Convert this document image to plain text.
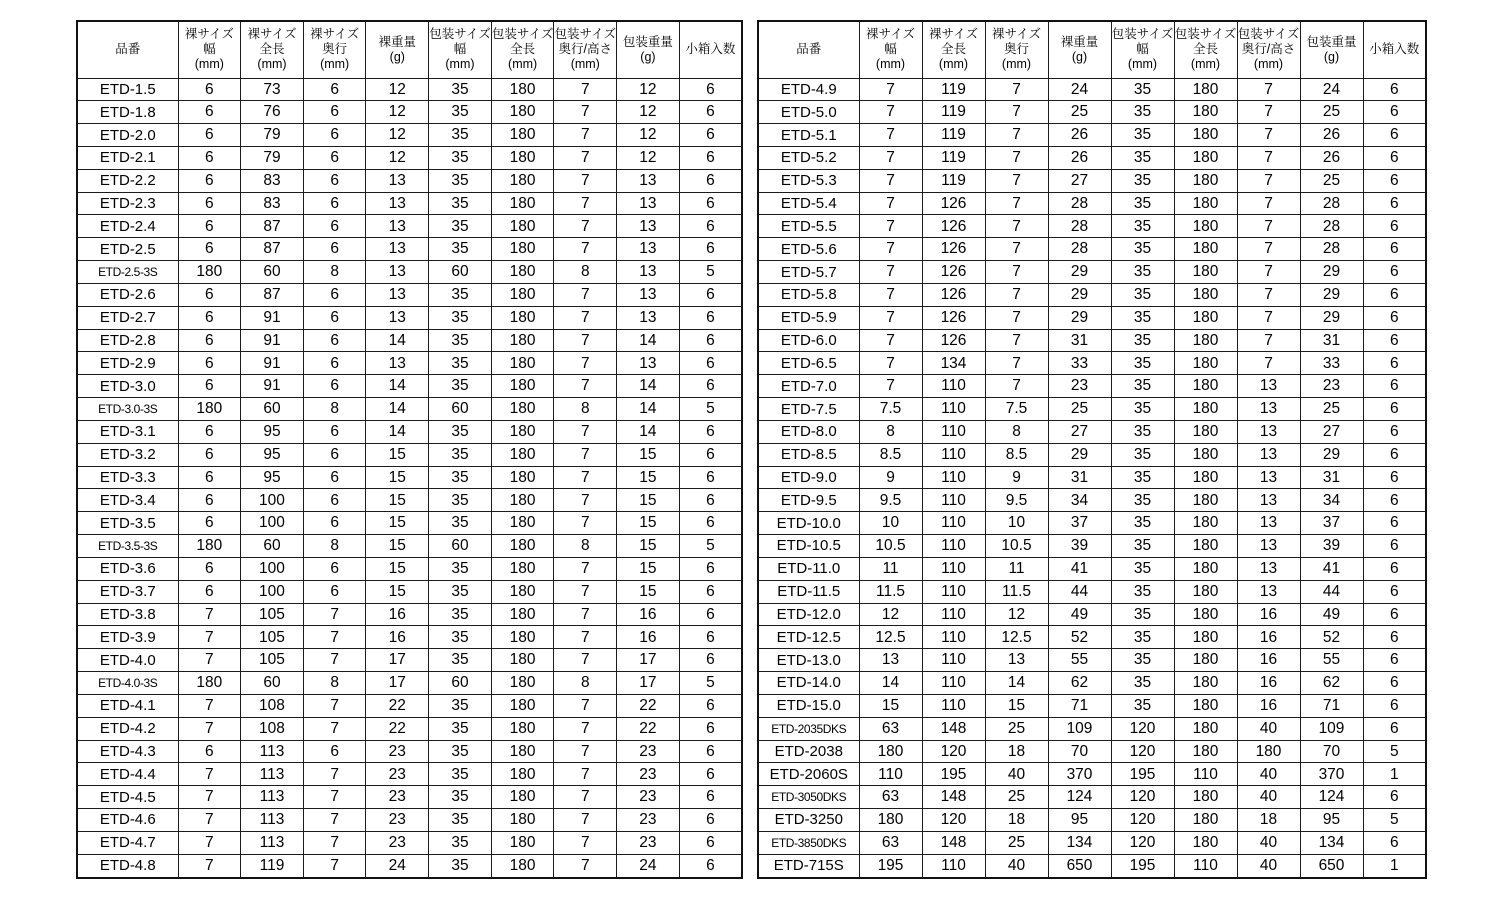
品番	裸サイズ
幅
(mm)	裸サイズ
全長
(mm)	裸サイズ
奥行
(mm)	裸重量
(g)	包装サイズ
幅
(mm)	包装サイズ
全長
(mm)	包装サイズ
奥行/高さ
(mm)	包装重量
(g)	小箱入数
ETD-1.5	6	73	6	12	35	180	7	12	6
ETD-1.8	6	76	6	12	35	180	7	12	6
ETD-2.0	6	79	6	12	35	180	7	12	6
ETD-2.1	6	79	6	12	35	180	7	12	6
ETD-2.2	6	83	6	13	35	180	7	13	6
ETD-2.3	6	83	6	13	35	180	7	13	6
ETD-2.4	6	87	6	13	35	180	7	13	6
ETD-2.5	6	87	6	13	35	180	7	13	6
ETD-2.5-3S	180	60	8	13	60	180	8	13	5
ETD-2.6	6	87	6	13	35	180	7	13	6
ETD-2.7	6	91	6	13	35	180	7	13	6
ETD-2.8	6	91	6	14	35	180	7	14	6
ETD-2.9	6	91	6	13	35	180	7	13	6
ETD-3.0	6	91	6	14	35	180	7	14	6
ETD-3.0-3S	180	60	8	14	60	180	8	14	5
ETD-3.1	6	95	6	14	35	180	7	14	6
ETD-3.2	6	95	6	15	35	180	7	15	6
ETD-3.3	6	95	6	15	35	180	7	15	6
ETD-3.4	6	100	6	15	35	180	7	15	6
ETD-3.5	6	100	6	15	35	180	7	15	6
ETD-3.5-3S	180	60	8	15	60	180	8	15	5
ETD-3.6	6	100	6	15	35	180	7	15	6
ETD-3.7	6	100	6	15	35	180	7	15	6
ETD-3.8	7	105	7	16	35	180	7	16	6
ETD-3.9	7	105	7	16	35	180	7	16	6
ETD-4.0	7	105	7	17	35	180	7	17	6
ETD-4.0-3S	180	60	8	17	60	180	8	17	5
ETD-4.1	7	108	7	22	35	180	7	22	6
ETD-4.2	7	108	7	22	35	180	7	22	6
ETD-4.3	6	113	6	23	35	180	7	23	6
ETD-4.4	7	113	7	23	35	180	7	23	6
ETD-4.5	7	113	7	23	35	180	7	23	6
ETD-4.6	7	113	7	23	35	180	7	23	6
ETD-4.7	7	113	7	23	35	180	7	23	6
ETD-4.8	7	119	7	24	35	180	7	24	6
品番	裸サイズ
幅
(mm)	裸サイズ
全長
(mm)	裸サイズ
奥行
(mm)	裸重量
(g)	包装サイズ
幅
(mm)	包装サイズ
全長
(mm)	包装サイズ
奥行/高さ
(mm)	包装重量
(g)	小箱入数
ETD-4.9	7	119	7	24	35	180	7	24	6
ETD-5.0	7	119	7	25	35	180	7	25	6
ETD-5.1	7	119	7	26	35	180	7	26	6
ETD-5.2	7	119	7	26	35	180	7	26	6
ETD-5.3	7	119	7	27	35	180	7	25	6
ETD-5.4	7	126	7	28	35	180	7	28	6
ETD-5.5	7	126	7	28	35	180	7	28	6
ETD-5.6	7	126	7	28	35	180	7	28	6
ETD-5.7	7	126	7	29	35	180	7	29	6
ETD-5.8	7	126	7	29	35	180	7	29	6
ETD-5.9	7	126	7	29	35	180	7	29	6
ETD-6.0	7	126	7	31	35	180	7	31	6
ETD-6.5	7	134	7	33	35	180	7	33	6
ETD-7.0	7	110	7	23	35	180	13	23	6
ETD-7.5	7.5	110	7.5	25	35	180	13	25	6
ETD-8.0	8	110	8	27	35	180	13	27	6
ETD-8.5	8.5	110	8.5	29	35	180	13	29	6
ETD-9.0	9	110	9	31	35	180	13	31	6
ETD-9.5	9.5	110	9.5	34	35	180	13	34	6
ETD-10.0	10	110	10	37	35	180	13	37	6
ETD-10.5	10.5	110	10.5	39	35	180	13	39	6
ETD-11.0	11	110	11	41	35	180	13	41	6
ETD-11.5	11.5	110	11.5	44	35	180	13	44	6
ETD-12.0	12	110	12	49	35	180	16	49	6
ETD-12.5	12.5	110	12.5	52	35	180	16	52	6
ETD-13.0	13	110	13	55	35	180	16	55	6
ETD-14.0	14	110	14	62	35	180	16	62	6
ETD-15.0	15	110	15	71	35	180	16	71	6
ETD-2035DKS	63	148	25	109	120	180	40	109	6
ETD-2038	180	120	18	70	120	180	180	70	5
ETD-2060S	110	195	40	370	195	110	40	370	1
ETD-3050DKS	63	148	25	124	120	180	40	124	6
ETD-3250	180	120	18	95	120	180	18	95	5
ETD-3850DKS	63	148	25	134	120	180	40	134	6
ETD-715S	195	110	40	650	195	110	40	650	1
